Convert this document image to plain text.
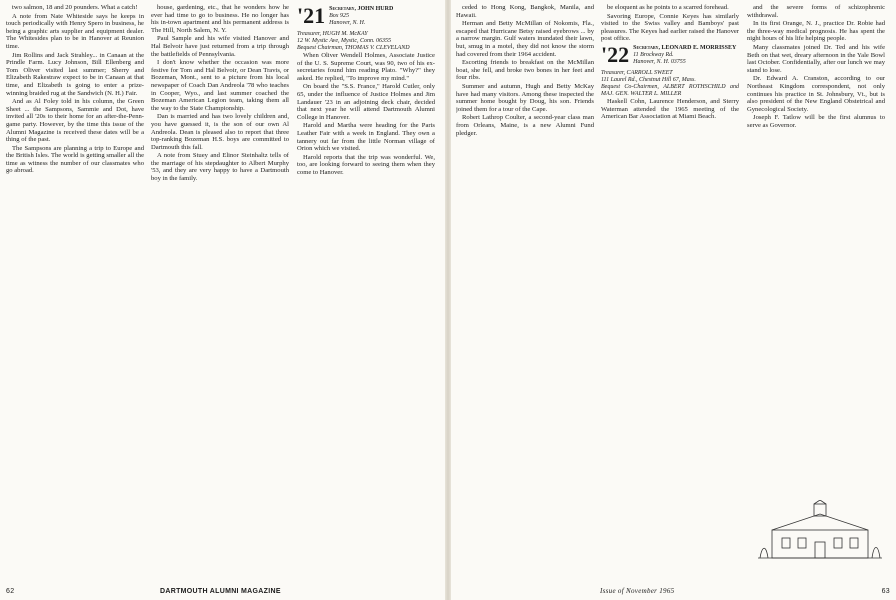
two salmon, 18 and 20 pounders. What a catch!

A note from Nate Whiteside says he keeps in touch periodically with Henry Spero in business, he being a graphic arts supplier and equipment dealer. The Whitesides plan to be in Hanover at Reunion time.

Jim Rollins and Jack Strahley... in Canaan at the Prindle Farm. Lucy Johnson, Bill Ellenberg and Tom Oliver visited last summer; Sherry and Elizabeth Rakestraw expect to be in Canaan at that time, and Elizabeth is going to enter a prize-winning braided rug at the Sandwich (N. H.) Fair.

And as Al Foley told in his column, the Green Sheet ... the Sampsons, Sammie and Dot, have invited all '20s to their home for an after-the-Penn-game party. However, by the time this issue of the Alumni Magazine is received these dates will be a thing of the past.

The Sampsons are planning a trip to Europe and the British Isles. The world is getting smaller all the time as witness the number of our classmates who go abroad.

house, gardening, etc., that he wonders how he ever had time to go to business. He no longer has his in-town apartment and his permanent address is The Hill, North Salem, N. Y.

Paul Sample and his wife visited Hanover and Hal Belvoir have just returned from a trip through the battlefields of Pennsylvania.

I don't know whether the occasion was more festive for Tom and Hal Belvoir, or Dean Travis, or Bozeman, Mont., sent to a picture from his local newspaper of Coach Dan Andreola '78 who teaches in Cooper, Wyo., and last summer coached the Bozeman American Legion team, taking them all the way to the State Championship.

Dan is married and has two lovely children and, you have guessed it, is the son of our own Al Andreola. Dean is pleased also to report that three top-ranking Bozeman H.S. boys are committed to Dartmouth this fall.

A note from Stuey and Elinor Steinhaltz tells of the marriage of his stepdaughter to Albert Murphy '53, and they are very happy to have a Dartmouth boy in the family.

'21 Secretary, JOHN HURD
Box 925
Hanover, N. H.
Treasurer, HUGH M. McKAY
12 W. Mystic Ave, Mystic, Conn. 06355
Bequest Chairman, THOMAS V. CLEVELAND

When Oliver Wendell Holmes, Associate Justice of the U. S. Supreme Court, was 90, two of his ex-secretaries found him reading Plato. "Why?" they asked. He replied, "To improve my mind."

On board the "S.S. France," Harold Cutler, only 65, under the influence of Justice Holmes and Jim Landauer '23 in an adjoining deck chair, decided that next year he will attend Dartmouth Alumni College in Hanover.

Harold and Martha were heading for the Paris Leather Fair with a week in England. They own a tannery out far from the little Norman village of Orion which we visited.

Harold reports that the trip was wonderful. We, too, are looking forward to seeing them when they come to Hanover.

62	DARTMOUTH ALUMNI MAGAZINE

ceded to Hong Kong, Bangkok, Manila, and Hawaii.

Herman and Betty McMillan of Nokomis, Fla., escaped that Hurricane Betsy raised eyebrows ... by a narrow margin. Gulf waters inundated their lawn, but, smug in a motel, they did not know the storm had covered from their 1964 accident.

Escorting friends to breakfast on the McMillan boat, she fell, and broke two bones in her feet and four ribs.

Summer and autumn, Hugh and Betty McKay have had many visitors. Among these inspected the summer home bought by Doug, his son. Friends joined them for a tour of the Cape.

Robert Lathrop Coulter, a second-year class man from Orleans, Maine, is a new Alumni Fund pledger.

be eloquent as he points to a scarred forehead.

Savoring Europe, Connie Keyes has similarly visited to the Swiss valley and Bamboys' past pleasures. The Keyes had earlier raised the Hanover post office.

'22 Secretary, LEONARD E. MORRISSEY
11 Brockway Rd.
Hanover, N. H. 03755
Treasurer, CARROLL SWEET
111 Laurel Rd., Chestnut Hill 67, Mass.
Bequest Co-Chairmen, ALBERT ROTHSCHILD and MAJ. GEN. WALTER L. MILLER

Haskell Cohn, Laurence Henderson, and Sterry Waterman attended the 1965 meeting of the American Bar Association at Miami Beach.

and the severe forms of schizophrenic withdrawal.

In its first Orange, N. J., practice Dr. Robie had the three-way medical prognosis. He has spent the night hours of his life helping people.

Many classmates joined Dr. Ted and his wife Beth on that wet, dreary afternoon in the Yale Bowl last October. Confidentially, after our lunch we may stand to lose.

Dr. Edward A. Cranston, according to our Northeast Kingdom correspondent, not only continues his practice in St. Johnsbury, Vt., but is also president of the New England Obstetrical and Gynecological Society.

Joseph F. Tatlow will be the first alumnus to serve as Governor.

Issue of November 1965	63
